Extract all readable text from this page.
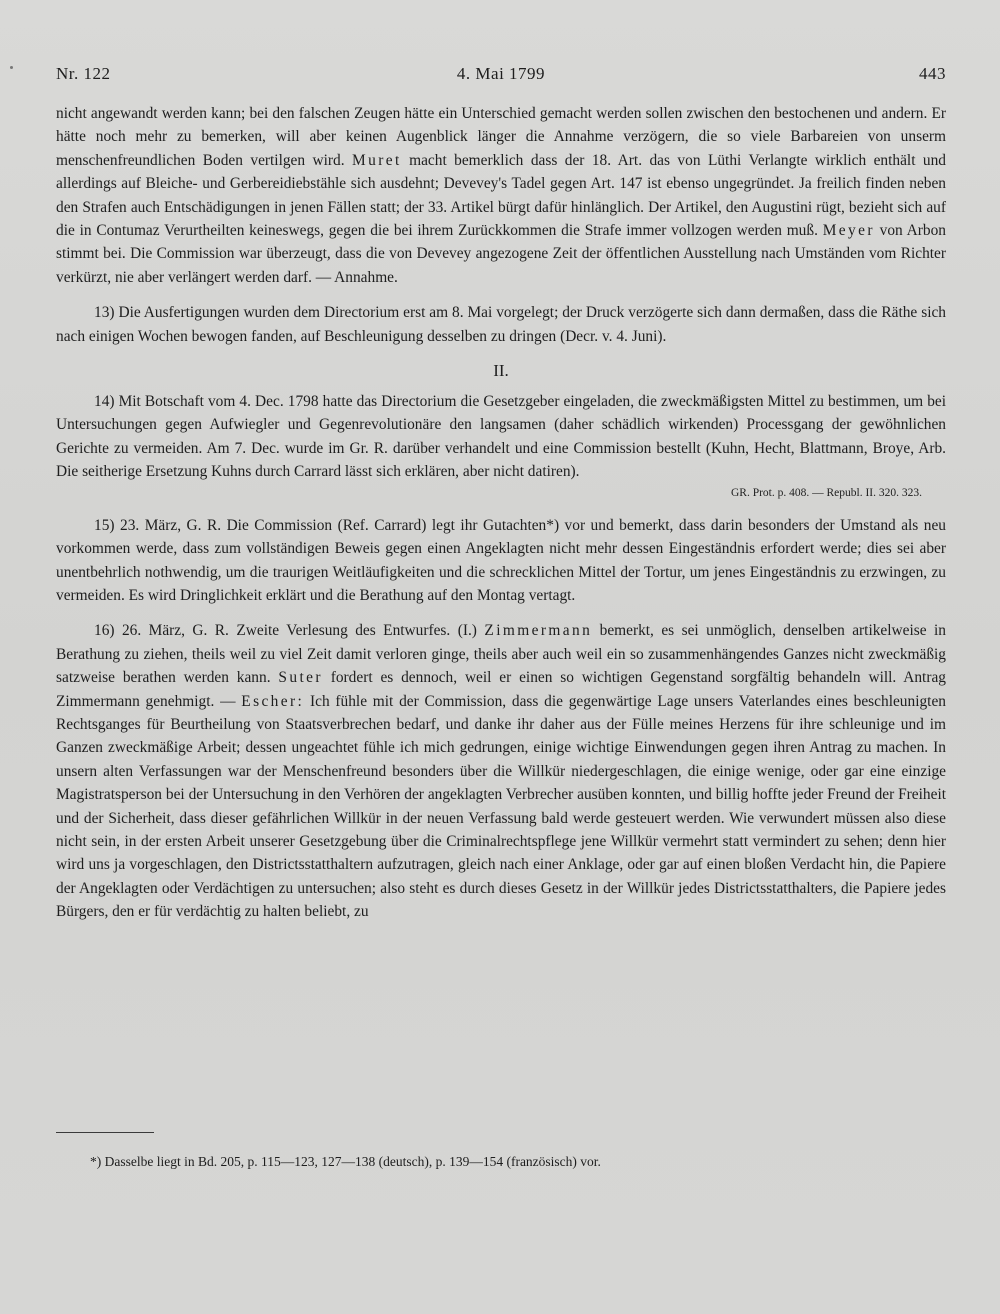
Nr. 122	4. Mai 1799	443

nicht angewandt werden kann; bei den falschen Zeugen hätte ein Unterschied gemacht werden sollen zwischen den bestochenen und andern. Er hätte noch mehr zu bemerken, will aber keinen Augenblick länger die Annahme verzögern, die so viele Barbareien von unserm menschenfreundlichen Boden vertilgen wird. Muret macht bemerklich dass der 18. Art. das von Lüthi Verlangte wirklich enthält und allerdings auf Bleiche- und Gerbereidiebstähle sich ausdehnt; Devevey's Tadel gegen Art. 147 ist ebenso ungegründet. Ja freilich finden neben den Strafen auch Entschädigungen in jenen Fällen statt; der 33. Artikel bürgt dafür hinlänglich. Der Artikel, den Augustini rügt, bezieht sich auf die in Contumaz Verurtheilten keineswegs, gegen die bei ihrem Zurückkommen die Strafe immer vollzogen werden muß. Meyer von Arbon stimmt bei. Die Commission war überzeugt, dass die von Devevey angezogene Zeit der öffentlichen Ausstellung nach Umständen vom Richter verkürzt, nie aber verlängert werden darf. — Annahme.

13) Die Ausfertigungen wurden dem Directorium erst am 8. Mai vorgelegt; der Druck verzögerte sich dann dermaßen, dass die Räthe sich nach einigen Wochen bewogen fanden, auf Beschleunigung desselben zu dringen (Decr. v. 4. Juni).

II.

14) Mit Botschaft vom 4. Dec. 1798 hatte das Directorium die Gesetzgeber eingeladen, die zweckmäßigsten Mittel zu bestimmen, um bei Untersuchungen gegen Aufwiegler und Gegenrevolutionäre den langsamen (daher schädlich wirkenden) Processgang der gewöhnlichen Gerichte zu vermeiden. Am 7. Dec. wurde im Gr. R. darüber verhandelt und eine Commission bestellt (Kuhn, Hecht, Blattmann, Broye, Arb. Die seitherige Ersetzung Kuhns durch Carrard lässt sich erklären, aber nicht datiren).

GR. Prot. p. 408. — Republ. II. 320. 323.

15) 23. März, G. R. Die Commission (Ref. Carrard) legt ihr Gutachten*) vor und bemerkt, dass darin besonders der Umstand als neu vorkommen werde, dass zum vollständigen Beweis gegen einen Angeklagten nicht mehr dessen Eingeständnis erfordert werde; dies sei aber unentbehrlich nothwendig, um die traurigen Weitläufigkeiten und die schrecklichen Mittel der Tortur, um jenes Eingeständnis zu erzwingen, zu vermeiden. Es wird Dringlichkeit erklärt und die Berathung auf den Montag vertagt.

16) 26. März, G. R. Zweite Verlesung des Entwurfes. (I.) Zimmermann bemerkt, es sei unmöglich, denselben artikelweise in Berathung zu ziehen, theils weil zu viel Zeit damit verloren ginge, theils aber auch weil ein so zusammenhängendes Ganzes nicht zweckmäßig satzweise berathen werden kann. Suter fordert es dennoch, weil er einen so wichtigen Gegenstand sorgfältig behandeln will. Antrag Zimmermann genehmigt. — Escher: Ich fühle mit der Commission, dass die gegenwärtige Lage unsers Vaterlandes eines beschleunigten Rechtsganges für Beurtheilung von Staatsverbrechen bedarf, und danke ihr daher aus der Fülle meines Herzens für ihre schleunige und im Ganzen zweckmäßige Arbeit; dessen ungeachtet fühle ich mich gedrungen, einige wichtige Einwendungen gegen ihren Antrag zu machen. In unsern alten Verfassungen war der Menschenfreund besonders über die Willkür niedergeschlagen, die einige wenige, oder gar eine einzige Magistratsperson bei der Untersuchung in den Verhören der angeklagten Verbrecher ausüben konnten, und billig hoffte jeder Freund der Freiheit und der Sicherheit, dass dieser gefährlichen Willkür in der neuen Verfassung bald werde gesteuert werden. Wie verwundert müssen also diese nicht sein, in der ersten Arbeit unserer Gesetzgebung über die Criminalrechtspflege jene Willkür vermehrt statt vermindert zu sehen; denn hier wird uns ja vorgeschlagen, den Districtsstatthaltern aufzutragen, gleich nach einer Anklage, oder gar auf einen bloßen Verdacht hin, die Papiere der Angeklagten oder Verdächtigen zu untersuchen; also steht es durch dieses Gesetz in der Willkür jedes Districtsstatthalters, die Papiere jedes Bürgers, den er für verdächtig zu halten beliebt, zu

*) Dasselbe liegt in Bd. 205, p. 115—123, 127—138 (deutsch), p. 139—154 (französisch) vor.
